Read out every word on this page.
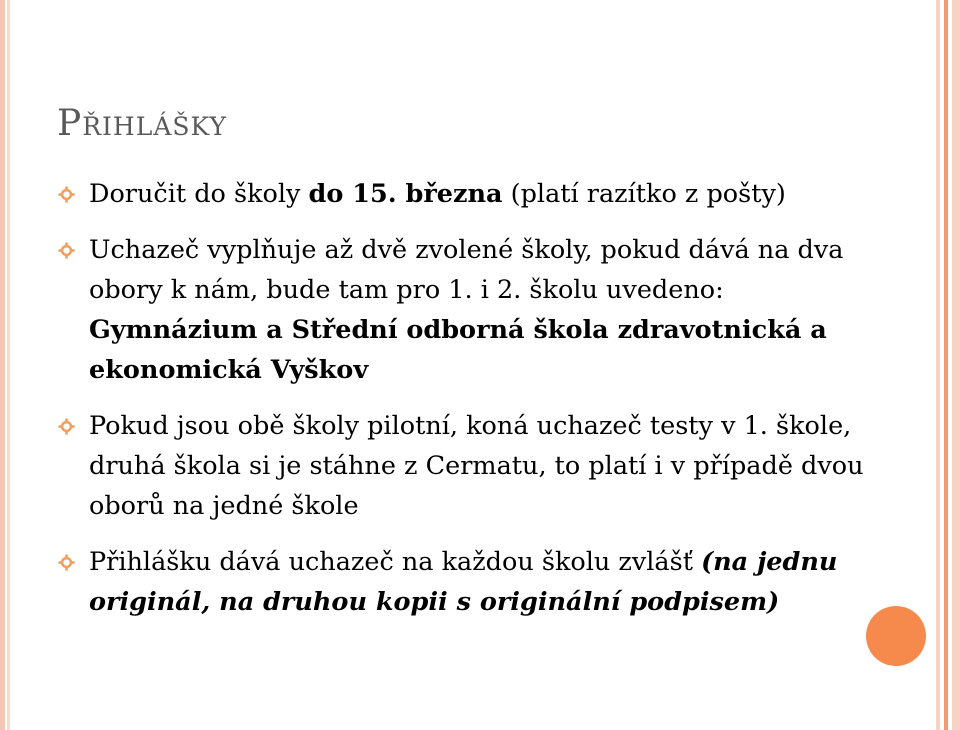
Přihlášky
Doručit do školy do 15. března (platí razítko z pošty)
Uchazeč vyplňuje až dvě zvolené školy, pokud dává na dva obory k nám, bude tam pro 1. i 2. školu uvedeno: Gymnázium a Střední odborná škola zdravotnická a ekonomická Vyškov
Pokud jsou obě školy pilotní, koná uchazeč testy v 1. škole, druhá škola si je stáhne z Cermatu, to platí i v případě dvou oborů na jedné škole
Přihlášku dává uchazeč na každou školu zvlášť (na jednu originál, na druhou kopii s originální podpisem)
